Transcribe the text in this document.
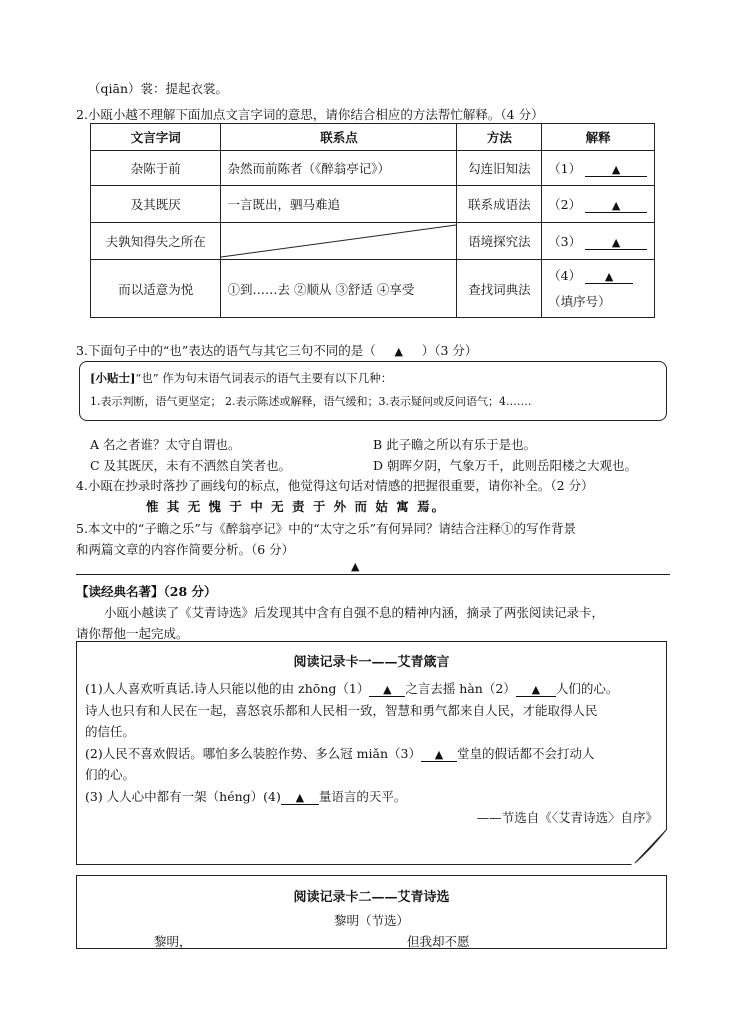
（qiān）裳：提起衣裳。
2.小瓯小越不理解下面加点文言字词的意思，请你结合相应的方法帮忙解释。（4 分）
文言字词	联系点	方法	解释
杂陈于前	杂然而前陈者（《醉翁亭记》）	勾连旧知法	（1） ▲
及其既厌	一言既出，驷马难追	联系成语法	（2） ▲
夫孰知得失之所在		语境探究法	（3） ▲
而以适意为悦	①到……去 ②顺从 ③舒适 ④享受	查找词典法	（4） ▲
（填序号）
3.下面句子中的“也”表达的语气与其它三句不同的是（ ▲ ）（3 分）
[小贴士]“也” 作为句末语气词表示的语气主要有以下几种：
1.表示判断，语气更坚定； 2.表示陈述或解释，语气缓和；3.表示疑问或反问语气；4.……
A 名之者谁？太守自谓也。	B 此子瞻之所以有乐于是也。
C 及其既厌，未有不洒然自笑者也。	D 朝晖夕阴，气象万千，此则岳阳楼之大观也。
4.小瓯在抄录时落抄了画线句的标点，他觉得这句话对情感的把握很重要，请你补全。（2 分）
惟 其 无 愧 于 中 无 责 于 外 而 姑 寓 焉。
5.本文中的“子瞻之乐”与《醉翁亭记》中的“太守之乐”有何异同？请结合注释①的写作背景
和两篇文章的内容作简要分析。（6 分）
▲
【读经典名著】（28 分）
小瓯小越读了《艾青诗选》后发现其中含有自强不息的精神内涵，摘录了两张阅读记录卡，
请你帮他一起完成。
阅读记录卡一——艾青箴言
(1)人人喜欢听真话.诗人只能以他的由 zhōng（1） ▲ 之言去摇 hàn（2） ▲ 人们的心。
诗人也只有和人民在一起，喜怒哀乐都和人民相一致，智慧和勇气都来自人民，才能取得人民
的信任。
(2)人民不喜欢假话。哪怕多么装腔作势、多么冠 miǎn（3） ▲ 堂皇的假话都不会打动人
们的心。
(3) 人人心中都有一架（héng）(4) ▲ 量语言的天平。
——节选自《〈艾青诗选〉自序》
阅读记录卡二——艾青诗选
黎明（节选）
黎明，	但我却不愿
